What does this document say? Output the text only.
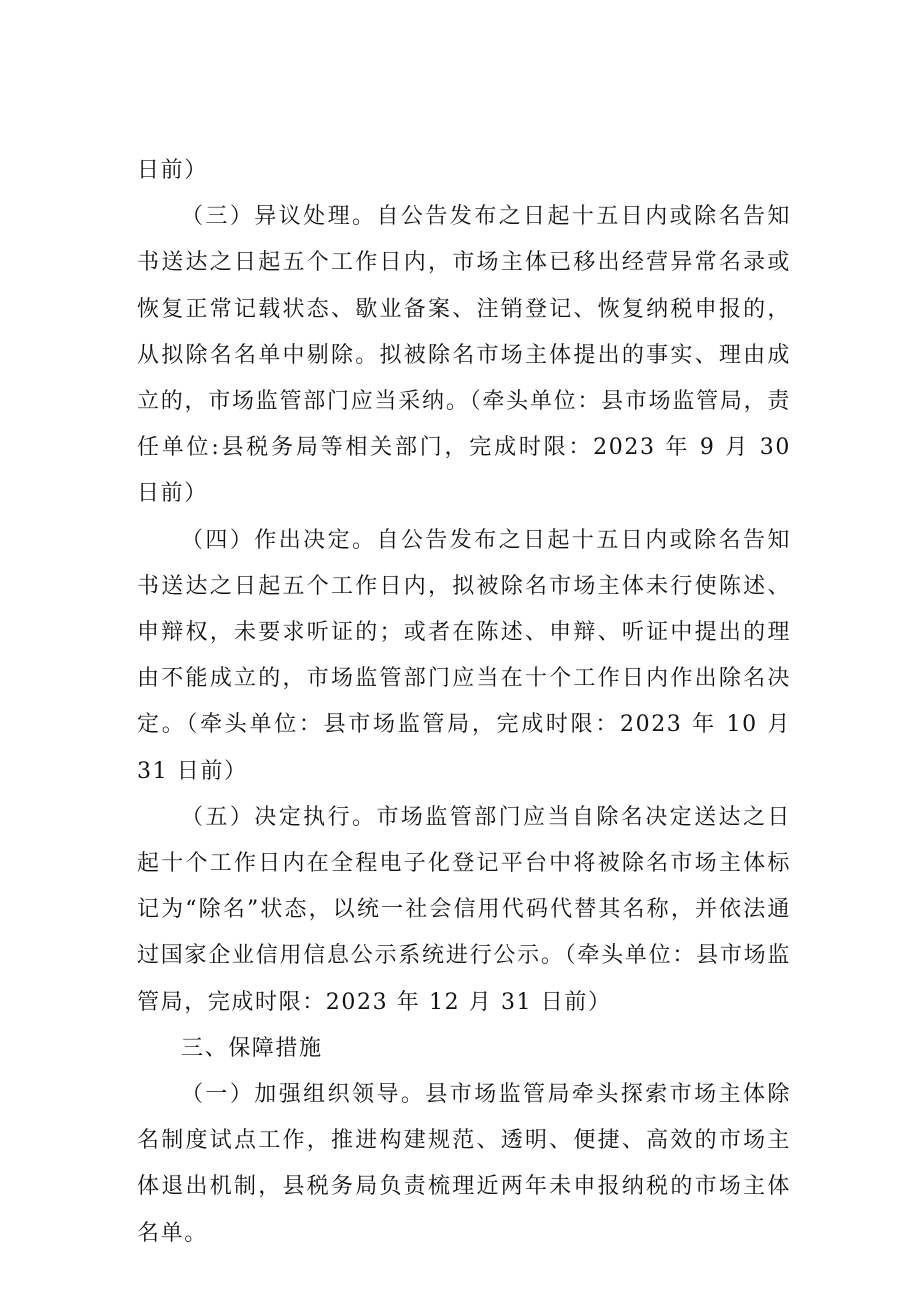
日前）

（三）异议处理。自公告发布之日起十五日内或除名告知书送达之日起五个工作日内，市场主体已移出经营异常名录或恢复正常记载状态、歇业备案、注销登记、恢复纳税申报的，从拟除名名单中剔除。拟被除名市场主体提出的事实、理由成立的，市场监管部门应当采纳。（牵头单位：县市场监管局，责任单位:县税务局等相关部门，完成时限：2023 年 9 月 30 日前）

（四）作出决定。自公告发布之日起十五日内或除名告知书送达之日起五个工作日内，拟被除名市场主体未行使陈述、申辩权，未要求听证的；或者在陈述、申辩、听证中提出的理由不能成立的，市场监管部门应当在十个工作日内作出除名决定。（牵头单位：县市场监管局，完成时限：2023 年 10 月 31 日前）

（五）决定执行。市场监管部门应当自除名决定送达之日起十个工作日内在全程电子化登记平台中将被除名市场主体标记为“除名”状态，以统一社会信用代码代替其名称，并依法通过国家企业信用信息公示系统进行公示。（牵头单位：县市场监管局，完成时限：2023 年 12 月 31 日前）

三、保障措施

（一）加强组织领导。县市场监管局牵头探索市场主体除名制度试点工作，推进构建规范、透明、便捷、高效的市场主体退出机制，县税务局负责梳理近两年未申报纳税的市场主体名单。
